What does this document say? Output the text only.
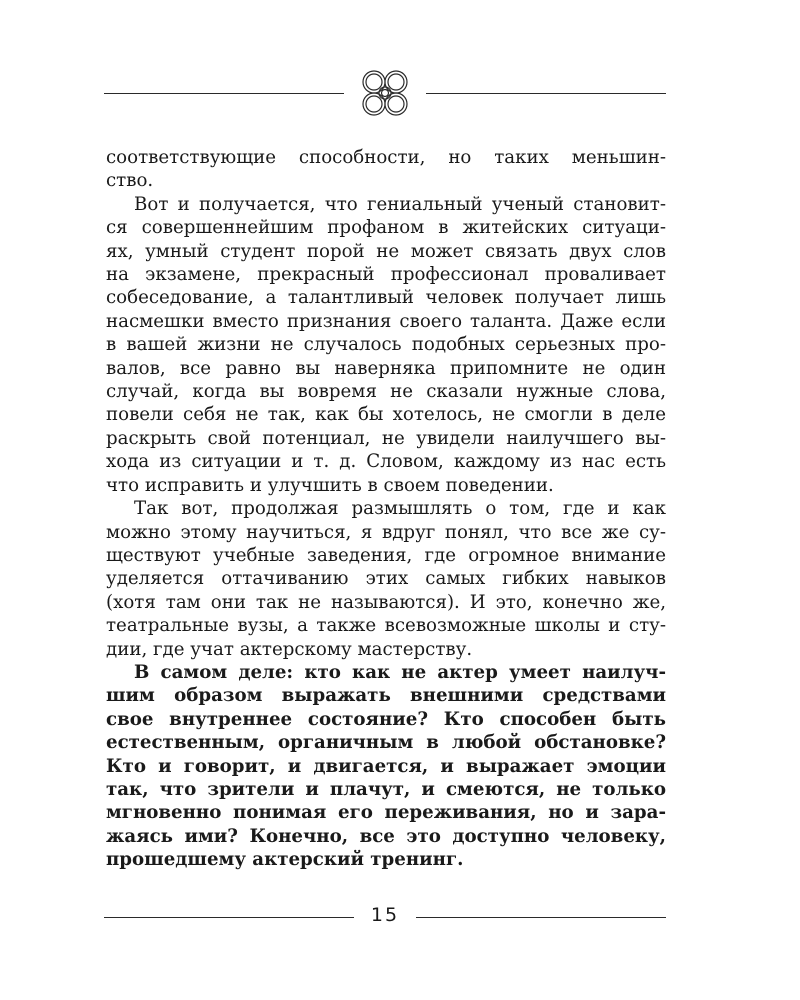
соответствующие способности, но таких меньшин-
ство.
Вот и получается, что гениальный ученый становит-
ся совершеннейшим профаном в житейских ситуаци-
ях, умный студент порой не может связать двух слов
на экзамене, прекрасный профессионал проваливает
собеседование, а талантливый человек получает лишь
насмешки вместо признания своего таланта. Даже если
в вашей жизни не случалось подобных серьезных про-
валов, все равно вы наверняка припомните не один
случай, когда вы вовремя не сказали нужные слова,
повели себя не так, как бы хотелось, не смогли в деле
раскрыть свой потенциал, не увидели наилучшего вы-
хода из ситуации и т. д. Словом, каждому из нас есть
что исправить и улучшить в своем поведении.
Так вот, продолжая размышлять о том, где и как
можно этому научиться, я вдруг понял, что все же су-
ществуют учебные заведения, где огромное внимание
уделяется оттачиванию этих самых гибких навыков
(хотя там они так не называются). И это, конечно же,
театральные вузы, а также всевозможные школы и сту-
дии, где учат актерскому мастерству.
В самом деле: кто как не актер умеет наилуч-
шим образом выражать внешними средствами
свое внутреннее состояние? Кто способен быть
естественным, органичным в любой обстановке?
Кто и говорит, и двигается, и выражает эмоции
так, что зрители и плачут, и смеются, не только
мгновенно понимая его переживания, но и зара-
жаясь ими? Конечно, все это доступно человеку,
прошедшему актерский тренинг.
15
